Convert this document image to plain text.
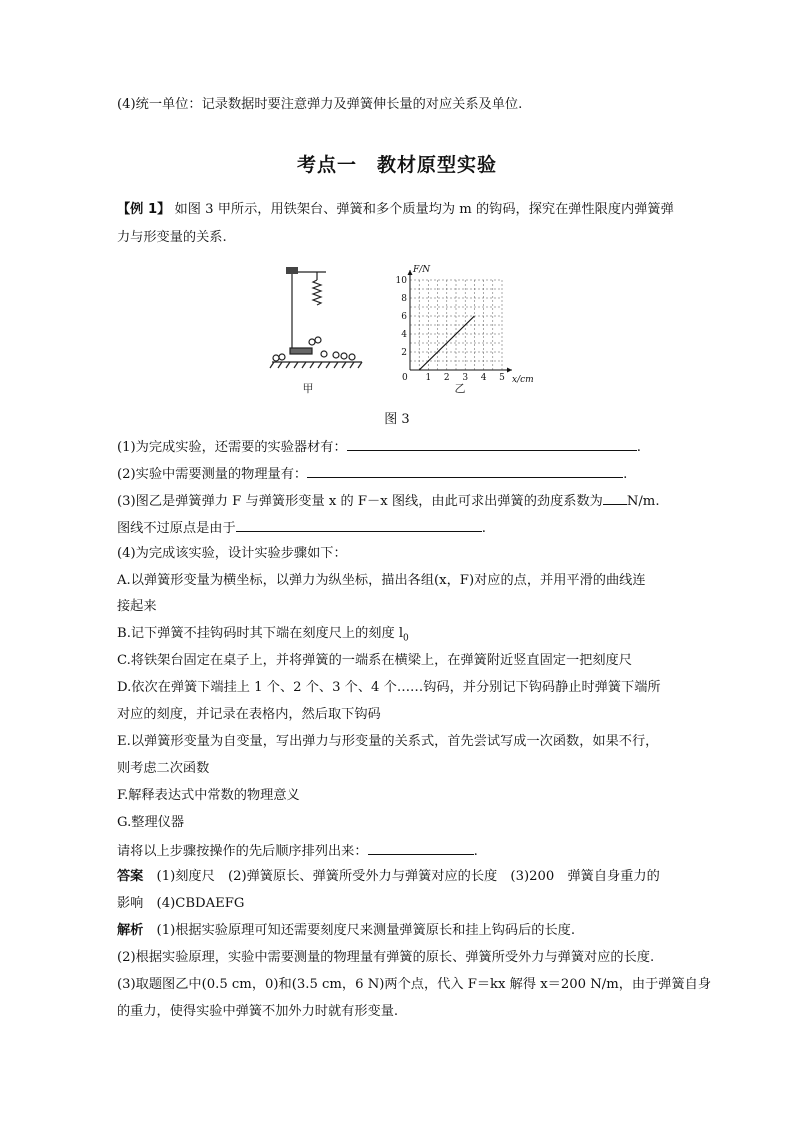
(4)统一单位：记录数据时要注意弹力及弹簧伸长量的对应关系及单位.
考点一　教材原型实验
【例 1】 如图 3 甲所示，用铁架台、弹簧和多个质量均为 m 的钩码，探究在弹性限度内弹簧弹
力与形变量的关系.
甲
x/cm
F/N
0 1 2 3 4 5
2
4
6
8
10
乙
图 3
(1)为完成实验，还需要的实验器材有：	.
(2)实验中需要测量的物理量有：	.
(3)图乙是弹簧弹力 F 与弹簧形变量 x 的 F－x 图线，由此可求出弹簧的劲度系数为 N/m.
图线不过原点是由于	.
(4)为完成该实验，设计实验步骤如下：
A.以弹簧形变量为横坐标，以弹力为纵坐标，描出各组(x，F)对应的点，并用平滑的曲线连
接起来
B.记下弹簧不挂钩码时其下端在刻度尺上的刻度 $l_0$
C.将铁架台固定在桌子上，并将弹簧的一端系在横梁上，在弹簧附近竖直固定一把刻度尺
D.依次在弹簧下端挂上 1 个、2 个、3 个、4 个……钩码，并分别记下钩码静止时弹簧下端所
对应的刻度，并记录在表格内，然后取下钩码
E.以弹簧形变量为自变量，写出弹力与形变量的关系式，首先尝试写成一次函数，如果不行，
则考虑二次函数
F.解释表达式中常数的物理意义
G.整理仪器
请将以上步骤按操作的先后顺序排列出来：	.
答案　(1)刻度尺　(2)弹簧原长、弹簧所受外力与弹簧对应的长度　(3)200　弹簧自身重力的
影响　(4)CBDAEFG
解析　(1)根据实验原理可知还需要刻度尺来测量弹簧原长和挂上钩码后的长度.
(2)根据实验原理，实验中需要测量的物理量有弹簧的原长、弹簧所受外力与弹簧对应的长度.
(3)取题图乙中(0.5 cm，0)和(3.5 cm，6 N)两个点，代入 F＝kx 解得 x＝200 N/m，由于弹簧自身
的重力，使得实验中弹簧不加外力时就有形变量.
